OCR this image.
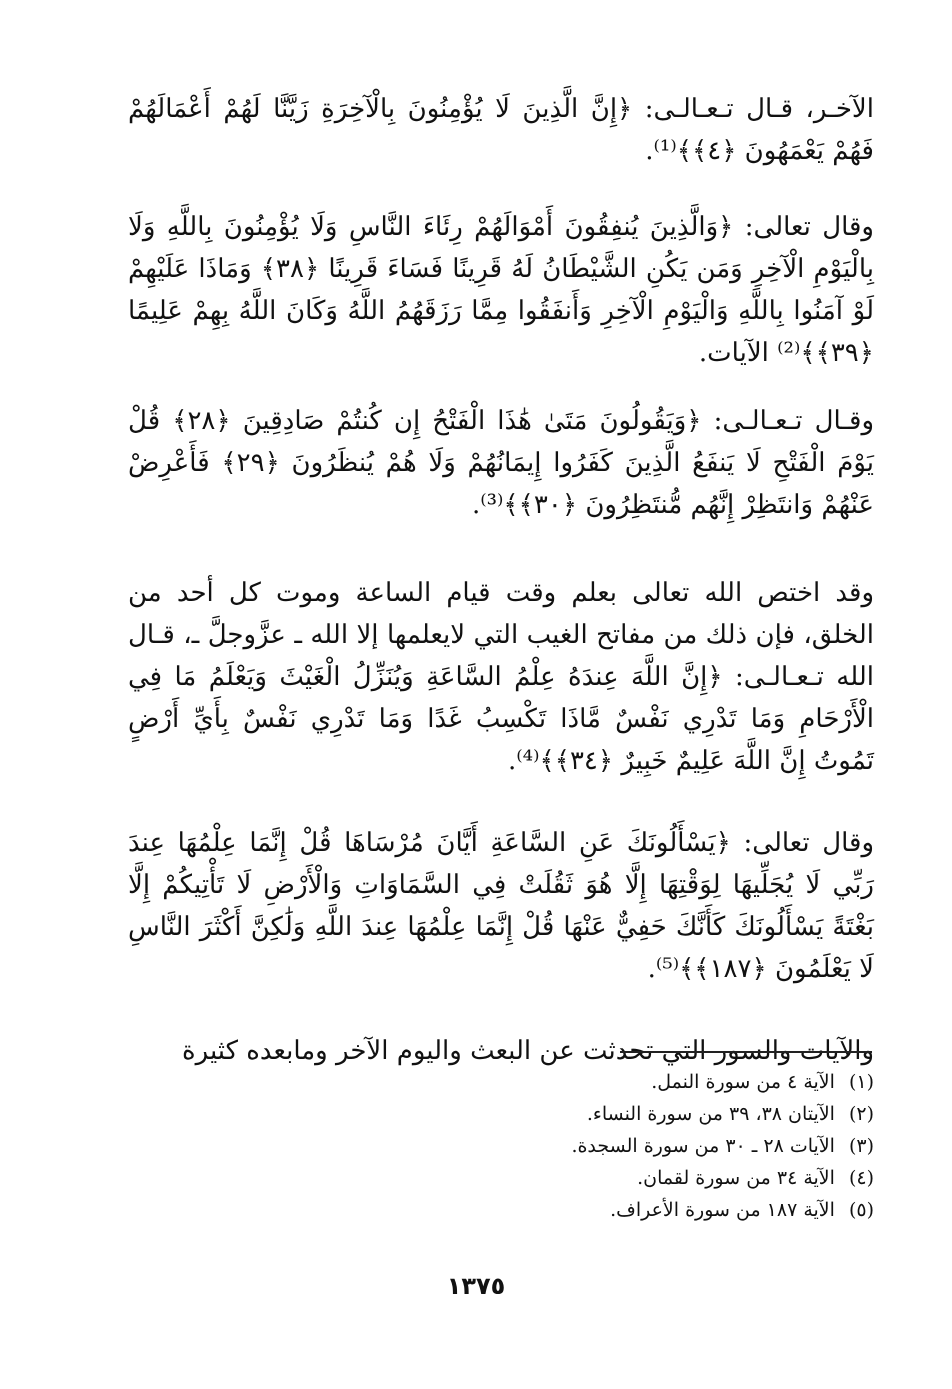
الآخـر، قـال تـعـالـى: ﴿إِنَّ الَّذِينَ لَا يُؤْمِنُونَ بِالْآخِرَةِ زَيَّنَّا لَهُمْ أَعْمَالَهُمْ فَهُمْ يَعْمَهُونَ ﴿٤﴾﴾⁽¹⁾.

وقال تعالى: ﴿وَالَّذِينَ يُنفِقُونَ أَمْوَالَهُمْ رِئَاءَ النَّاسِ وَلَا يُؤْمِنُونَ بِاللَّهِ وَلَا بِالْيَوْمِ الْآخِرِ وَمَن يَكُنِ الشَّيْطَانُ لَهُ قَرِينًا فَسَاءَ قَرِينًا ﴿٣٨﴾ وَمَاذَا عَلَيْهِمْ لَوْ آمَنُوا بِاللَّهِ وَالْيَوْمِ الْآخِرِ وَأَنفَقُوا مِمَّا رَزَقَهُمُ اللَّهُ وَكَانَ اللَّهُ بِهِمْ عَلِيمًا ﴿٣٩﴾﴾⁽²⁾ الآيات.

وقـال تـعـالـى: ﴿وَيَقُولُونَ مَتَىٰ هَٰذَا الْفَتْحُ إِن كُنتُمْ صَادِقِينَ ﴿٢٨﴾ قُلْ يَوْمَ الْفَتْحِ لَا يَنفَعُ الَّذِينَ كَفَرُوا إِيمَانُهُمْ وَلَا هُمْ يُنظَرُونَ ﴿٢٩﴾ فَأَعْرِضْ عَنْهُمْ وَانتَظِرْ إِنَّهُم مُّنتَظِرُونَ ﴿٣٠﴾﴾⁽³⁾.

وقد اختص الله تعالى بعلم وقت قيام الساعة وموت كل أحد من الخلق، فإن ذلك من مفاتح الغيب التي لايعلمها إلا الله ـ عزَّوجلَّ ـ، قـال الله تـعـالـى: ﴿إِنَّ اللَّهَ عِندَهُ عِلْمُ السَّاعَةِ وَيُنَزِّلُ الْغَيْثَ وَيَعْلَمُ مَا فِي الْأَرْحَامِ وَمَا تَدْرِي نَفْسٌ مَّاذَا تَكْسِبُ غَدًا وَمَا تَدْرِي نَفْسٌ بِأَيِّ أَرْضٍ تَمُوتُ إِنَّ اللَّهَ عَلِيمٌ خَبِيرٌ ﴿٣٤﴾﴾⁽⁴⁾.

وقال تعالى: ﴿يَسْأَلُونَكَ عَنِ السَّاعَةِ أَيَّانَ مُرْسَاهَا قُلْ إِنَّمَا عِلْمُهَا عِندَ رَبِّي لَا يُجَلِّيهَا لِوَقْتِهَا إِلَّا هُوَ ثَقُلَتْ فِي السَّمَاوَاتِ وَالْأَرْضِ لَا تَأْتِيكُمْ إِلَّا بَغْتَةً يَسْأَلُونَكَ كَأَنَّكَ حَفِيٌّ عَنْهَا قُلْ إِنَّمَا عِلْمُهَا عِندَ اللَّهِ وَلَٰكِنَّ أَكْثَرَ النَّاسِ لَا يَعْلَمُونَ ﴿١٨٧﴾﴾⁽⁵⁾.

والآيات والسور التي تحدثت عن البعث واليوم الآخر ومابعده كثيرة

(١)الآية ٤ من سورة النمل.

(٢)الآيتان ٣٨، ٣٩ من سورة النساء.

(٣)الآيات ٢٨ ـ ٣٠ من سورة السجدة.

(٤)الآية ٣٤ من سورة لقمان.

(٥)الآية ١٨٧ من سورة الأعراف.

١٣٧٥
